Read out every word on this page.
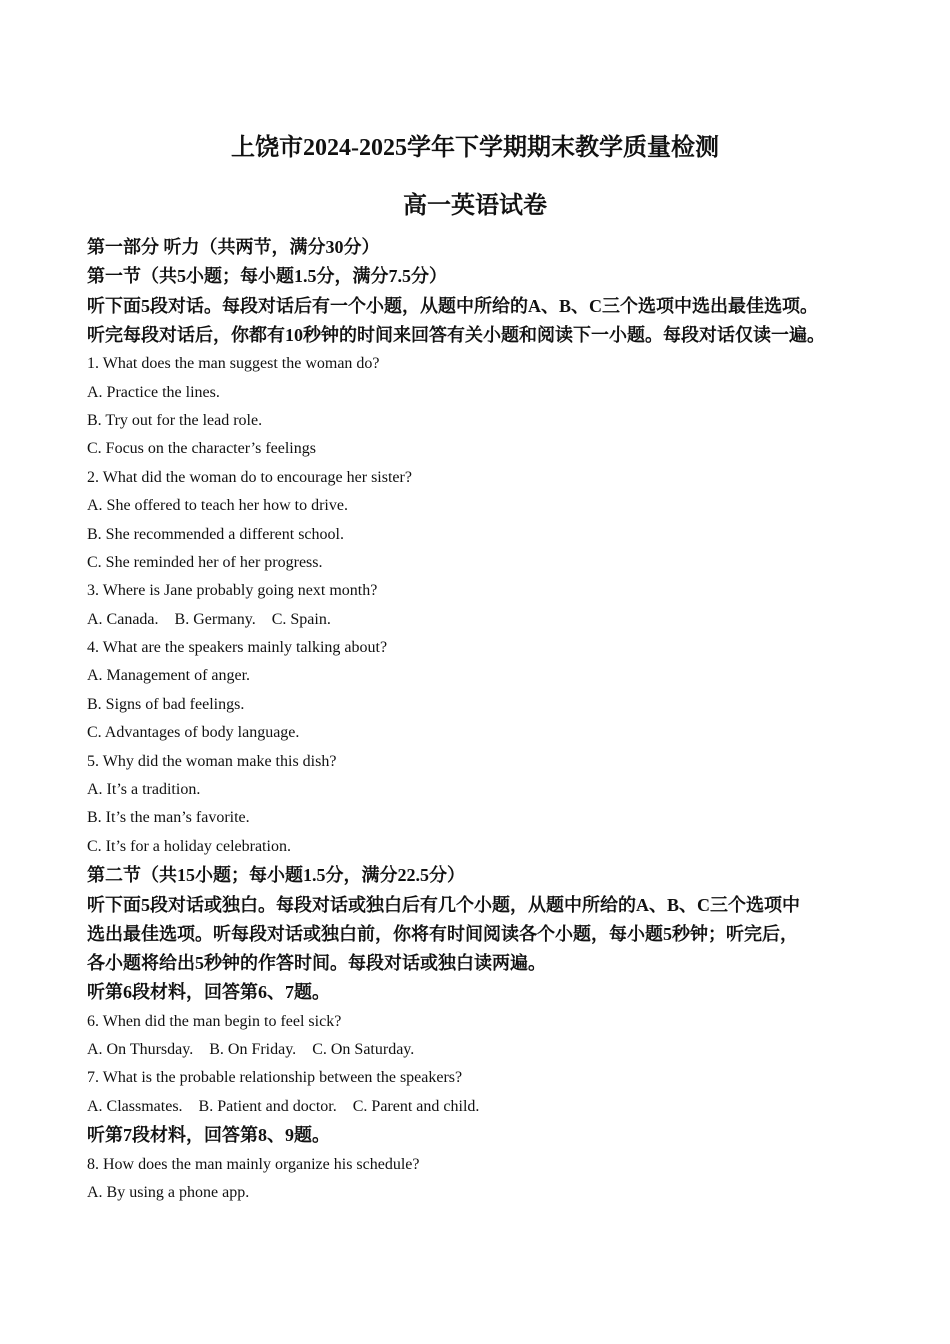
上饶市2024-2025学年下学期期末教学质量检测
高一英语试卷
第一部分 听力（共两节，满分30分）
第一节（共5小题；每小题1.5分，满分7.5分）
听下面5段对话。每段对话后有一个小题，从题中所给的A、B、C三个选项中选出最佳选项。
听完每段对话后，你都有10秒钟的时间来回答有关小题和阅读下一小题。每段对话仅读一遍。
1. What does the man suggest the woman do?
A. Practice the lines.
B. Try out for the lead role.
C. Focus on the character’s feelings
2. What did the woman do to encourage her sister?
A. She offered to teach her how to drive.
B. She recommended a different school.
C. She reminded her of her progress.
3. Where is Jane probably going next month?
A. Canada. B. Germany. C. Spain.
4. What are the speakers mainly talking about?
A. Management of anger.
B. Signs of bad feelings.
C. Advantages of body language.
5. Why did the woman make this dish?
A. It’s a tradition.
B. It’s the man’s favorite.
C. It’s for a holiday celebration.
第二节（共15小题；每小题1.5分，满分22.5分）
听下面5段对话或独白。每段对话或独白后有几个小题，从题中所给的A、B、C三个选项中
选出最佳选项。听每段对话或独白前，你将有时间阅读各个小题，每小题5秒钟；听完后，
各小题将给出5秒钟的作答时间。每段对话或独白读两遍。
听第6段材料，回答第6、7题。
6. When did the man begin to feel sick?
A. On Thursday. B. On Friday. C. On Saturday.
7. What is the probable relationship between the speakers?
A. Classmates. B. Patient and doctor. C. Parent and child.
听第7段材料，回答第8、9题。
8. How does the man mainly organize his schedule?
A. By using a phone app.
